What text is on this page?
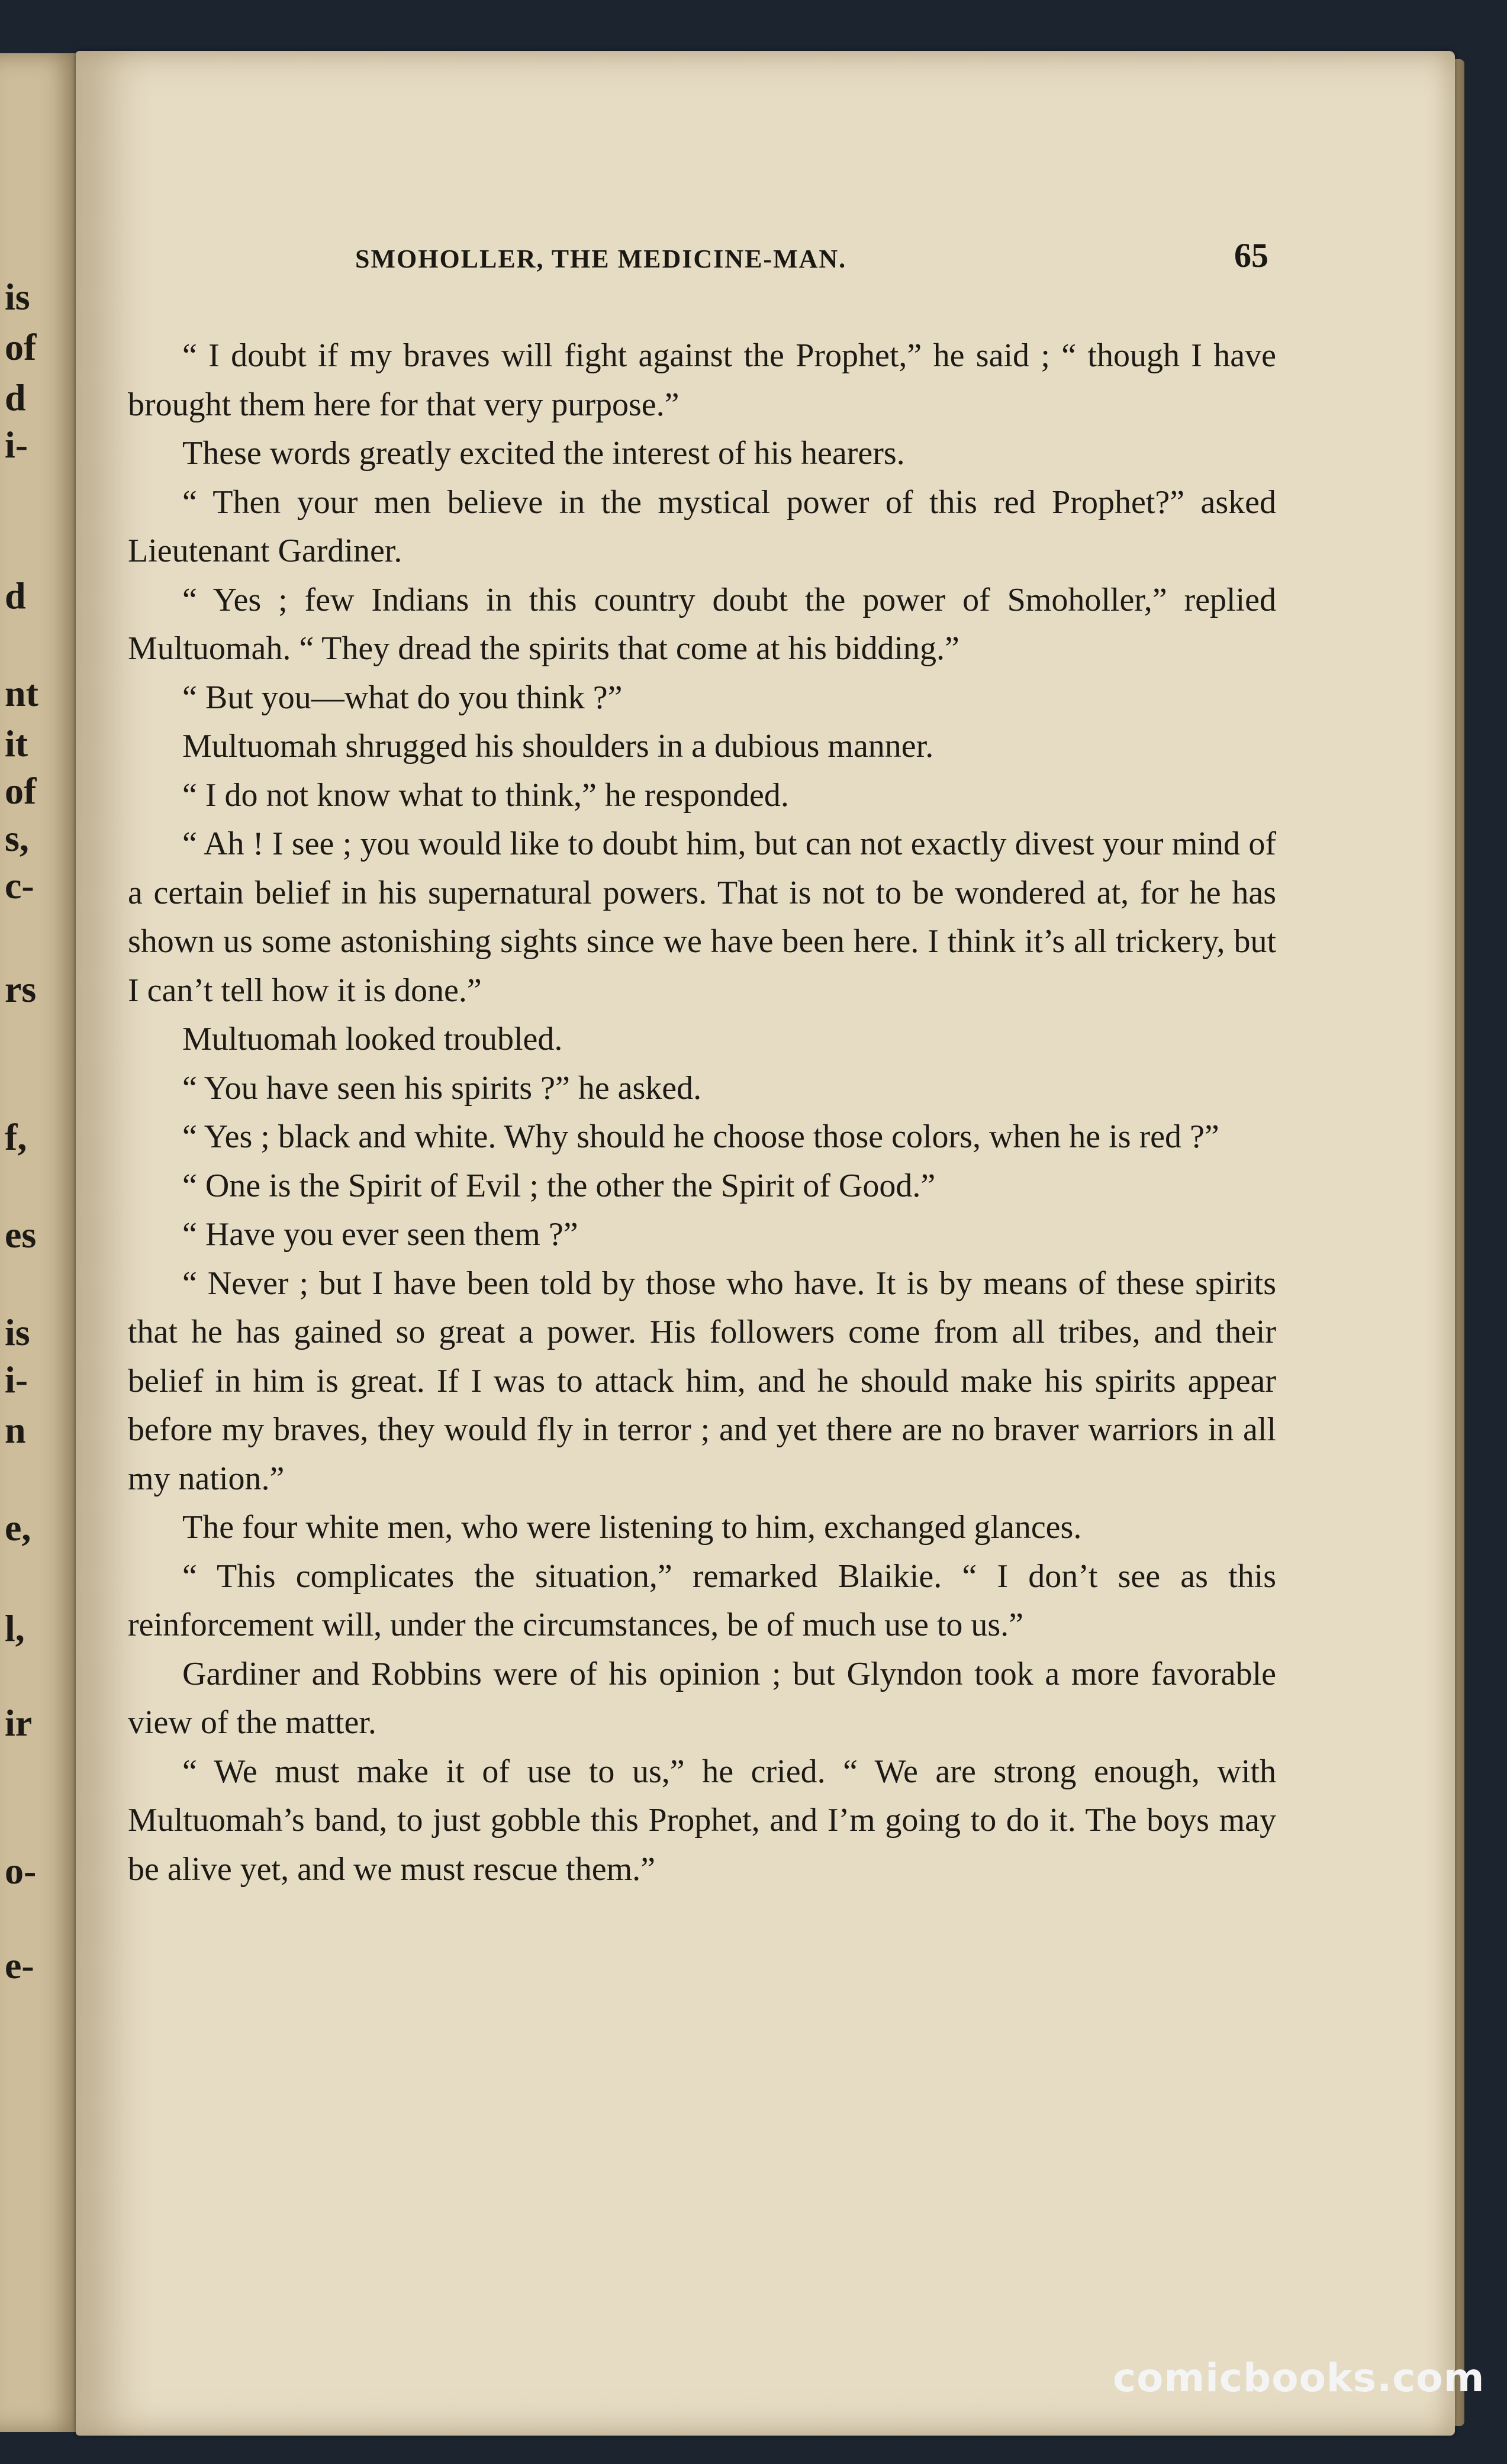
is
of
d
i-
d
nt
it
of
s,
c-
rs
f,
es
is
i-
n
e,
l,
ir
o-
e-
SMOHOLLER, THE MEDICINE-MAN.	65

“ I doubt if my braves will fight against the Prophet,” he said ; “ though I have brought them here for that very purpose.”

These words greatly excited the interest of his hearers.

“ Then your men believe in the mystical power of this red Prophet?” asked Lieutenant Gardiner.

“ Yes ; few Indians in this country doubt the power of Smoholler,” replied Multuomah. “ They dread the spirits that come at his bidding.”

“ But you—what do you think ?”

Multuomah shrugged his shoulders in a dubious manner.

“ I do not know what to think,” he responded.

“ Ah ! I see ; you would like to doubt him, but can not exactly divest your mind of a certain belief in his supernatural powers. That is not to be wondered at, for he has shown us some astonishing sights since we have been here. I think it’s all trickery, but I can’t tell how it is done.”

Multuomah looked troubled.

“ You have seen his spirits ?” he asked.

“ Yes ; black and white. Why should he choose those colors, when he is red ?”

“ One is the Spirit of Evil ; the other the Spirit of Good.”

“ Have you ever seen them ?”

“ Never ; but I have been told by those who have. It is by means of these spirits that he has gained so great a power. His followers come from all tribes, and their belief in him is great. If I was to attack him, and he should make his spirits appear before my braves, they would fly in terror ; and yet there are no braver warriors in all my nation.”

The four white men, who were listening to him, exchanged glances.

“ This complicates the situation,” remarked Blaikie. “ I don’t see as this reinforcement will, under the circumstances, be of much use to us.”

Gardiner and Robbins were of his opinion ; but Glyndon took a more favorable view of the matter.

“ We must make it of use to us,” he cried. “ We are strong enough, with Multuomah’s band, to just gobble this Prophet, and I’m going to do it. The boys may be alive yet, and we must rescue them.”

comicbooks.com
